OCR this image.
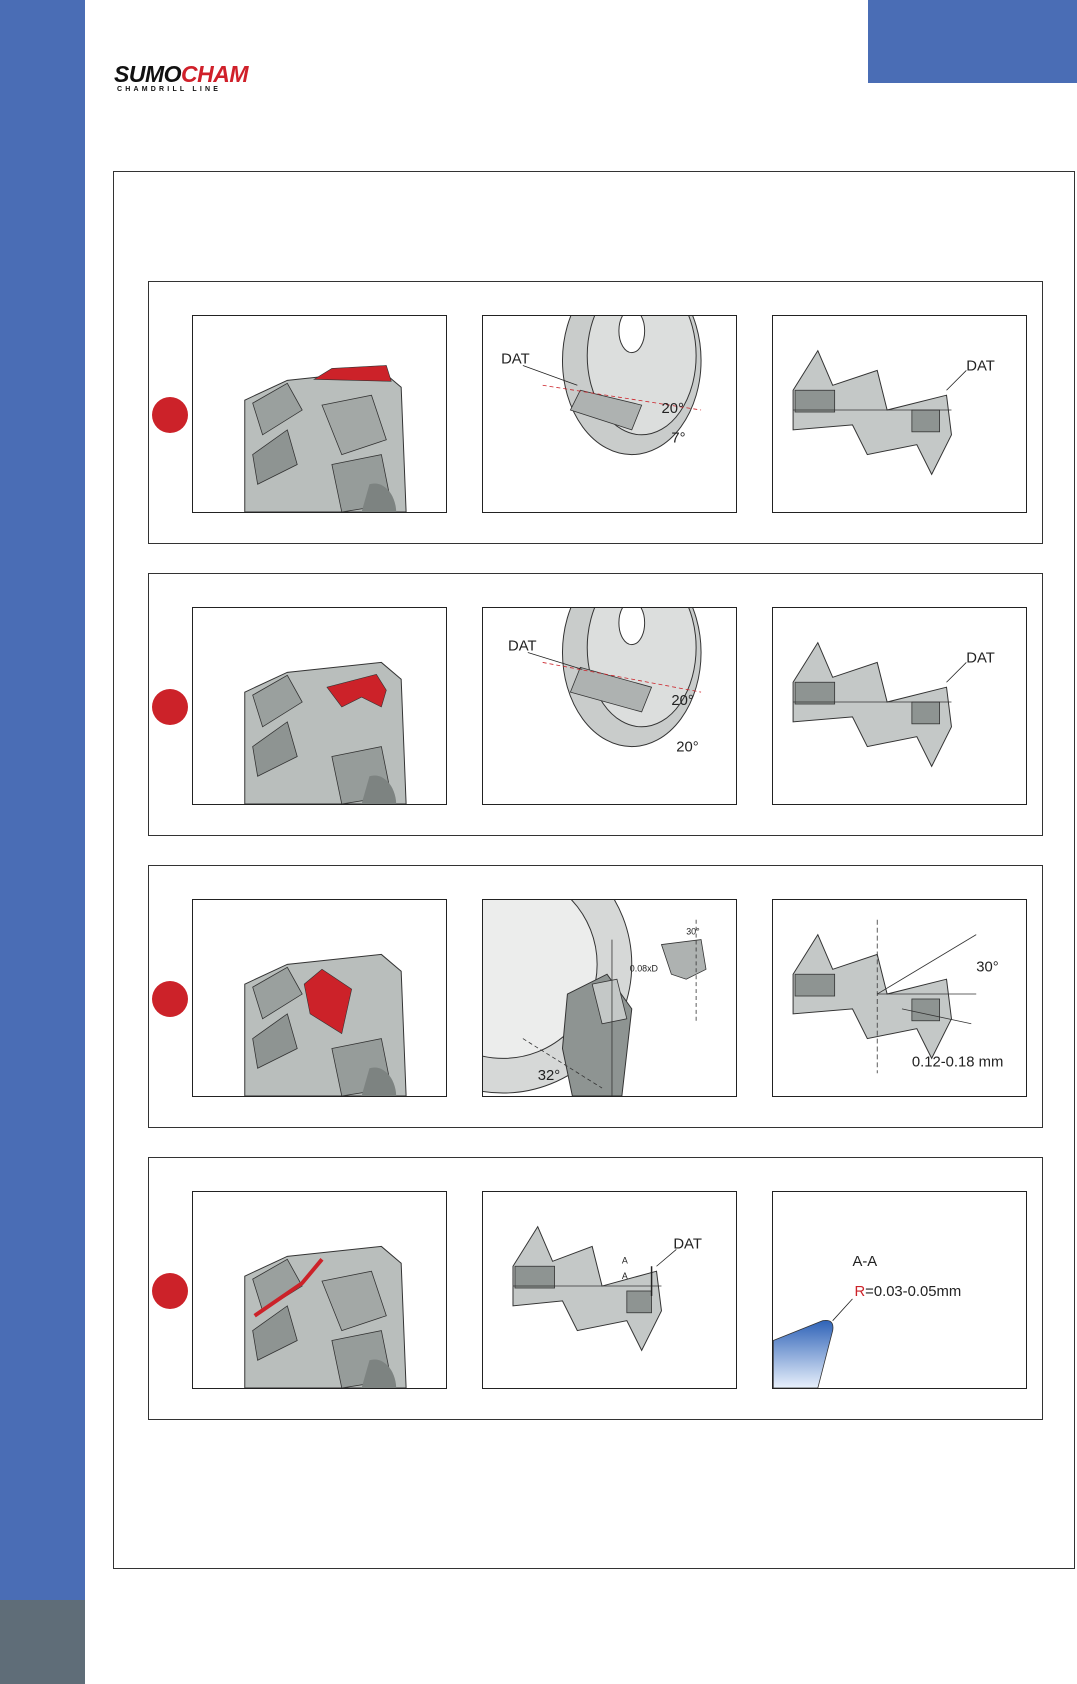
SUMOCHAM
CHAMDRILL LINE
DAT
20°
7°
DAT
DAT
20°
20°
DAT
32°
30°
0.08xD	30°
0.12-0.18 mm
DAT
A
A
A-A
R=0.03-0.05mm
